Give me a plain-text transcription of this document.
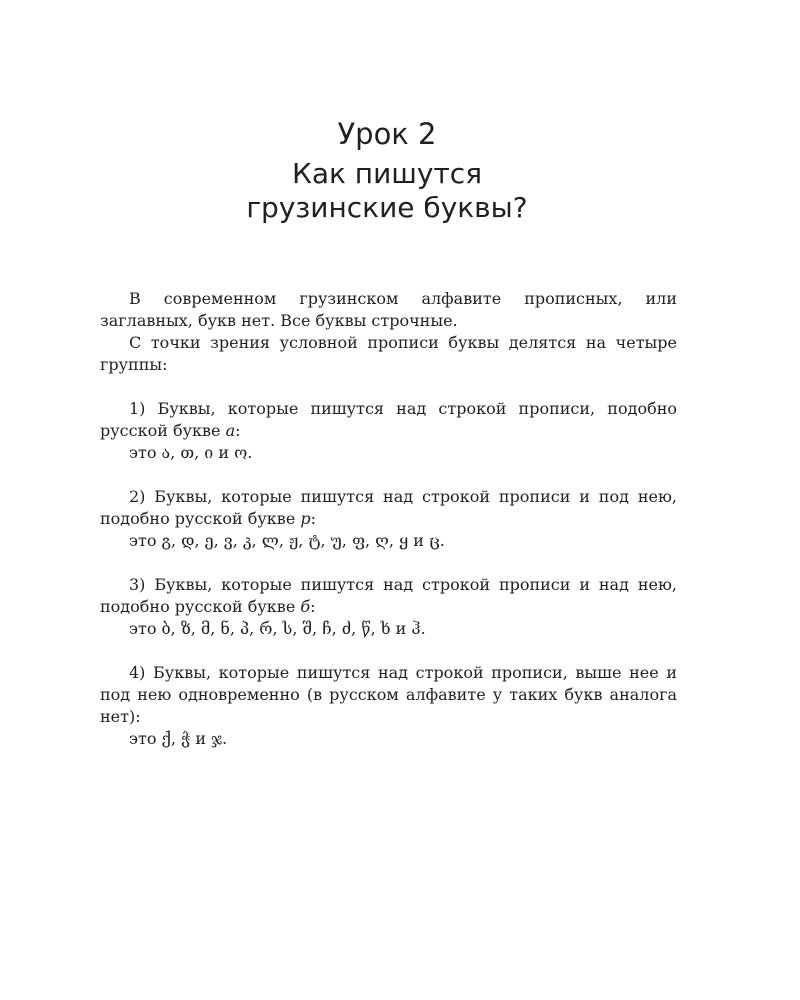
Урок 2
Как пишутся
грузинские буквы?

В современном грузинском алфавите прописных, или заглавных, букв нет. Все буквы строчные.

С точки зрения условной прописи буквы делятся на четыре группы:

1) Буквы, которые пишутся над строкой прописи, подобно русской букве а:

это ა, თ, ი и ო.

2) Буквы, которые пишутся над строкой прописи и под нею, подобно русской букве р:

это გ, დ, ე, ვ, კ, ლ, ჟ, ტ, უ, ფ, ღ, ყ и ც.

3) Буквы, которые пишутся над строкой прописи и над нею, подобно русской букве б:

это ბ, ზ, მ, ნ, პ, რ, ს, შ, ჩ, ძ, წ, ხ и ჰ.

4) Буквы, которые пишутся над строкой прописи, выше нее и под нею одновременно (в русском алфавите у таких букв аналога нет):

это ქ, ჭ и ჯ.
